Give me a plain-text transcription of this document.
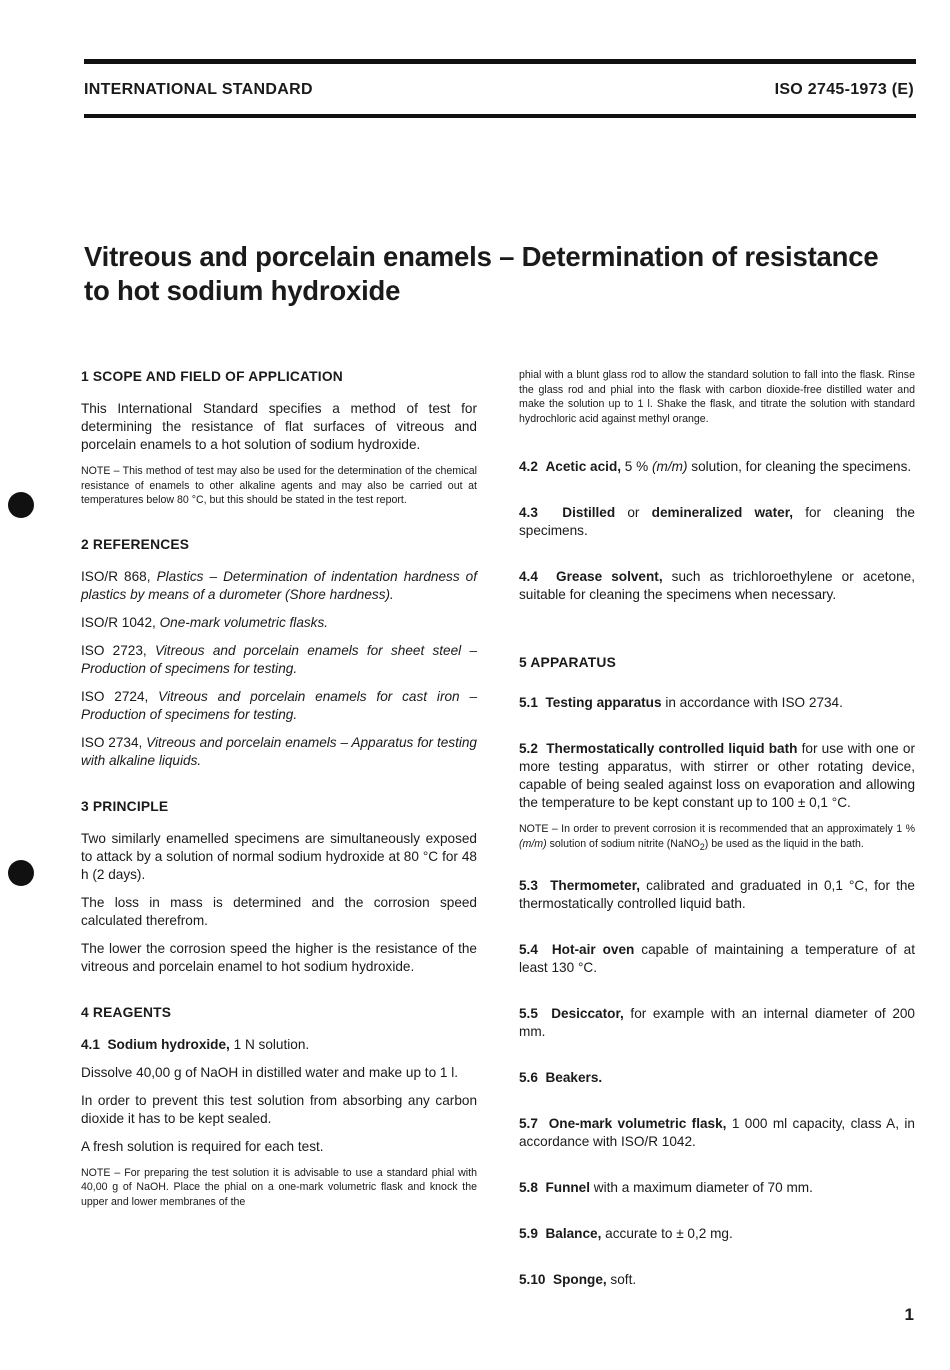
INTERNATIONAL STANDARD	ISO 2745-1973 (E)
Vitreous and porcelain enamels – Determination of resistance
to hot sodium hydroxide
1 SCOPE AND FIELD OF APPLICATION

This International Standard specifies a method of test for determining the resistance of flat surfaces of vitreous and porcelain enamels to a hot solution of sodium hydroxide.

NOTE – This method of test may also be used for the determination of the chemical resistance of enamels to other alkaline agents and may also be carried out at temperatures below 80 °C, but this should be stated in the test report.

2 REFERENCES

ISO/R 868, Plastics – Determination of indentation hardness of plastics by means of a durometer (Shore hardness).

ISO/R 1042, One-mark volumetric flasks.

ISO 2723, Vitreous and porcelain enamels for sheet steel – Production of specimens for testing.

ISO 2724, Vitreous and porcelain enamels for cast iron – Production of specimens for testing.

ISO 2734, Vitreous and porcelain enamels – Apparatus for testing with alkaline liquids.

3 PRINCIPLE

Two similarly enamelled specimens are simultaneously exposed to attack by a solution of normal sodium hydroxide at 80 °C for 48 h (2 days).

The loss in mass is determined and the corrosion speed calculated therefrom.

The lower the corrosion speed the higher is the resistance of the vitreous and porcelain enamel to hot sodium hydroxide.

4 REAGENTS

4.1 Sodium hydroxide, 1 N solution.

Dissolve 40,00 g of NaOH in distilled water and make up to 1 l.

In order to prevent this test solution from absorbing any carbon dioxide it has to be kept sealed.

A fresh solution is required for each test.

NOTE – For preparing the test solution it is advisable to use a standard phial with 40,00 g of NaOH. Place the phial on a one-mark volumetric flask and knock the upper and lower membranes of the

phial with a blunt glass rod to allow the standard solution to fall into the flask. Rinse the glass rod and phial into the flask with carbon dioxide-free distilled water and make the solution up to 1 l. Shake the flask, and titrate the solution with standard hydrochloric acid against methyl orange.

4.2 Acetic acid, 5 % (m/m) solution, for cleaning the specimens.

4.3 Distilled or demineralized water, for cleaning the specimens.

4.4 Grease solvent, such as trichloroethylene or acetone, suitable for cleaning the specimens when necessary.

5 APPARATUS

5.1 Testing apparatus in accordance with ISO 2734.

5.2 Thermostatically controlled liquid bath for use with one or more testing apparatus, with stirrer or other rotating device, capable of being sealed against loss on evaporation and allowing the temperature to be kept constant up to 100 ± 0,1 °C.

NOTE – In order to prevent corrosion it is recommended that an approximately 1 % (m/m) solution of sodium nitrite (NaNO$_2$) be used as the liquid in the bath.

5.3 Thermometer, calibrated and graduated in 0,1 °C, for the thermostatically controlled liquid bath.

5.4 Hot-air oven capable of maintaining a temperature of at least 130 °C.

5.5 Desiccator, for example with an internal diameter of 200 mm.

5.6 Beakers.

5.7 One-mark volumetric flask, 1 000 ml capacity, class A, in accordance with ISO/R 1042.

5.8 Funnel with a maximum diameter of 70 mm.

5.9 Balance, accurate to ± 0,2 mg.

5.10 Sponge, soft.

1
